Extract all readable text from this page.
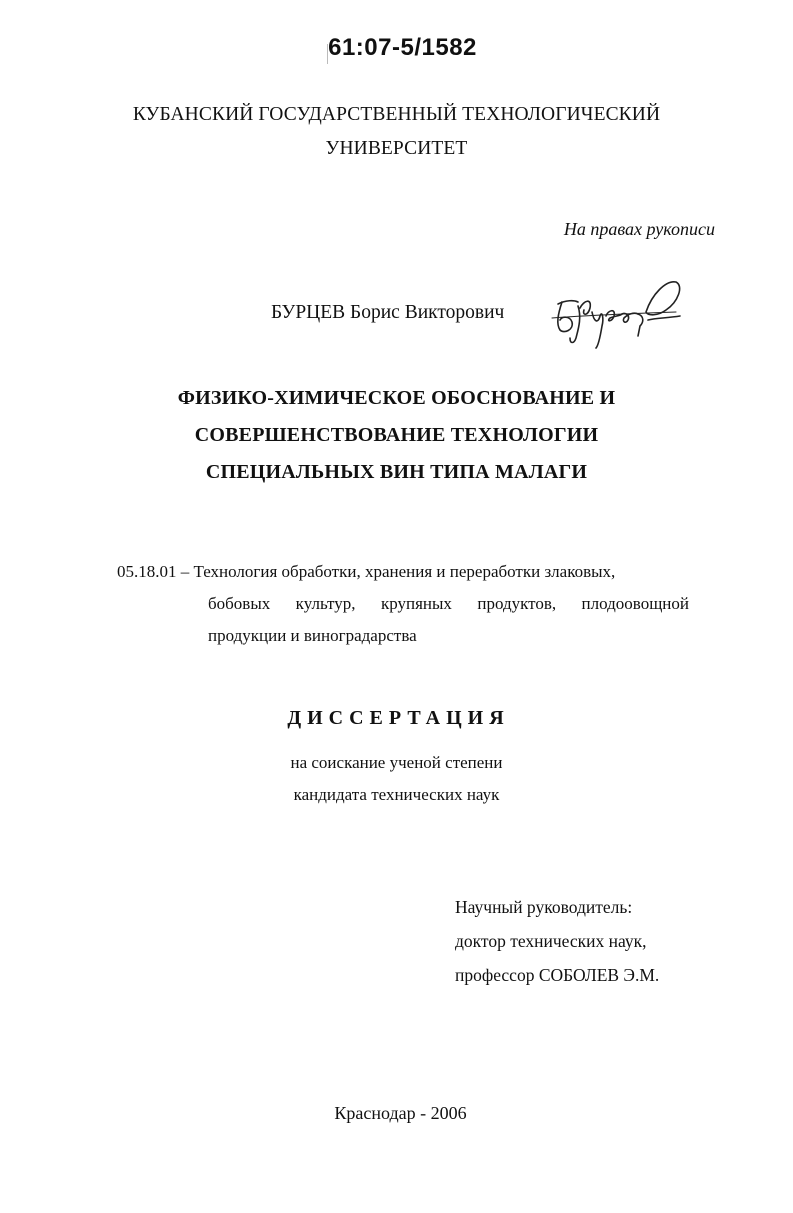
61:07-5/1582
КУБАНСКИЙ ГОСУДАРСТВЕННЫЙ ТЕХНОЛОГИЧЕСКИЙ
УНИВЕРСИТЕТ
На правах рукописи
БУРЦЕВ Борис Викторович
ФИЗИКО-ХИМИЧЕСКОЕ ОБОСНОВАНИЕ И
СОВЕРШЕНСТВОВАНИЕ ТЕХНОЛОГИИ
СПЕЦИАЛЬНЫХ ВИН ТИПА МАЛАГИ
05.18.01 – Технология обработки, хранения и переработки злаковых,
бобовых культур, крупяных продуктов, плодоовощной
продукции и виноградарства
ДИССЕРТАЦИЯ
на соискание ученой степени
кандидата технических наук
Научный руководитель:
доктор технических наук,
профессор СОБОЛЕВ Э.М.
Краснодар - 2006
